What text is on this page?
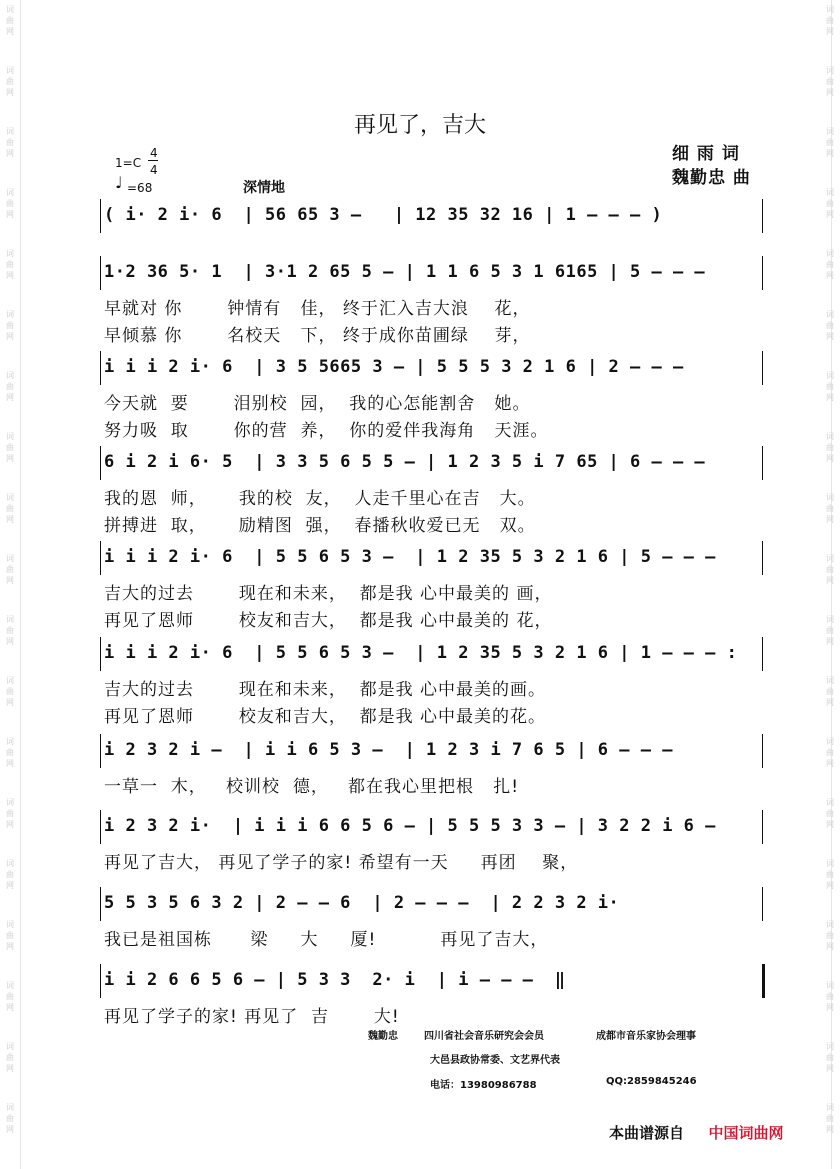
词曲网
词曲网
词曲网
词曲网
词曲网
词曲网
词曲网
词曲网
词曲网
词曲网
词曲网
词曲网
词曲网
词曲网
词曲网
词曲网
词曲网
词曲网
词曲网
词曲网
词曲网
词曲网
词曲网
词曲网
词曲网
词曲网
词曲网
词曲网
词曲网
词曲网
词曲网
词曲网
词曲网
词曲网
词曲网
词曲网
词曲网
词曲网
再见了，吉大
细 雨 词
魏勤忠 曲
1=C
4
4
♩ =68	深情地
( i· 2 i· 6  | 56 65 3 –   | 12 35 32 16 | 1 – – – )
1·2 36 5· 1  | 3·1 2 65 5 – | 1 1 6 5 3 1 6165 | 5 – – –
早就对 你       钟情有   佳， 终于汇入吉大浪    花，
早倾慕 你       名校天   下， 终于成你苗圃绿    芽，
i i i 2 i· 6  | 3 5 5665 3 – | 5 5 5 3 2 1 6 | 2 – – –
今天就  要       泪别校  园，  我的心怎能割舍   她。
努力吸  取       你的营  养，  你的爱伴我海角   天涯。
6 i 2 i 6· 5  | 3 3 5 6 5 5 – | 1 2 3 5 i 7 65 | 6 – – –
我的恩  师，     我的校  友，  人走千里心在吉   大。
拼搏进  取，     励精图  强，  春播秋收爱已无   双。
i i i 2 i· 6  | 5 5 6 5 3 –  | 1 2 35 5 3 2 1 6 | 5 – – –
吉大的过去       现在和未来，  都是我 心中最美的 画，
再见了恩师       校友和吉大，  都是我 心中最美的 花，
i i i 2 i· 6  | 5 5 6 5 3 –  | 1 2 35 5 3 2 1 6 | 1 – – – :
吉大的过去       现在和未来，  都是我 心中最美的画。
再见了恩师       校友和吉大，  都是我 心中最美的花。
i 2 3 2 i –  | i i 6 5 3 –  | 1 2 3 i 7 6 5 | 6 – – –
一草一  木，   校训校  德，   都在我心里把根   扎!
i 2 3 2 i·  | i i i 6 6 5 6 – | 5 5 5 3 3 – | 3 2 2 i 6 –
再见了吉大， 再见了学子的家! 希望有一天     再团    聚，
5 5 3 5 6 3 2 | 2 – – 6  | 2 – – –  | 2 2 3 2 i·
我已是祖国栋      梁     大     厦!          再见了吉大，
i i 2 6 6 5 6 – | 5 3 3  2· i  | i – – –  ‖
再见了学子的家! 再见了  吉       大!
魏勤忠	四川省社会音乐研究会会员	成都市音乐家协会理事
大邑县政协常委、文艺界代表
电话：13980986788	QQ:2859845246
本曲谱源自 中国词曲网
